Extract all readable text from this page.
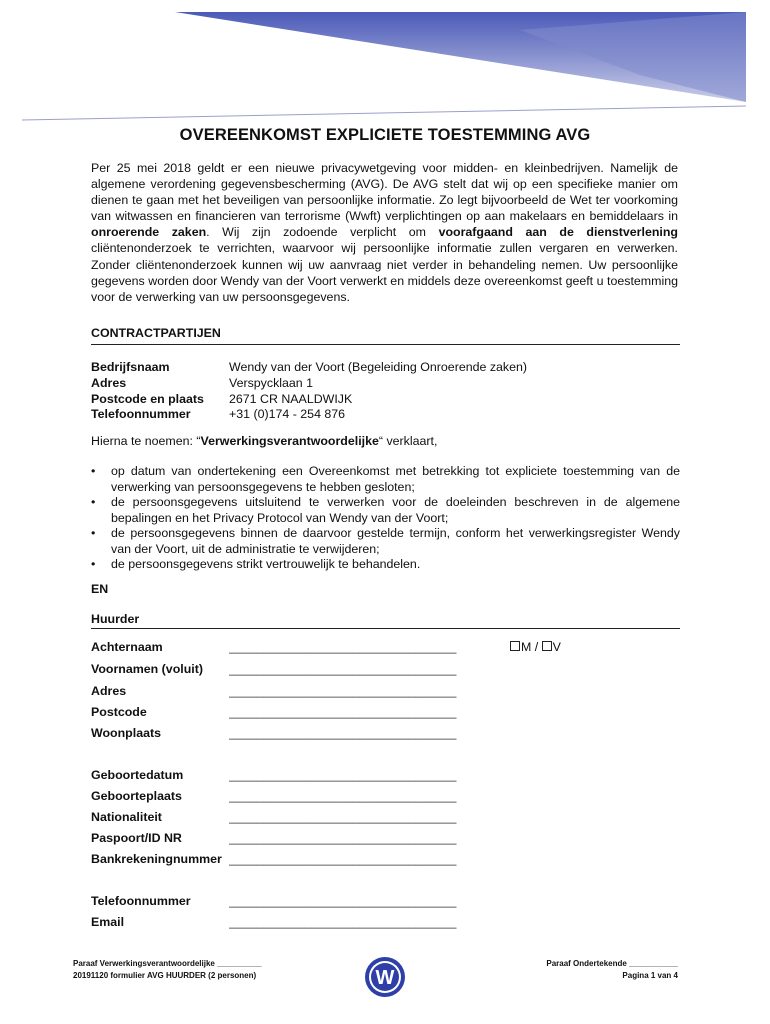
OVEREENKOMST EXPLICIETE TOESTEMMING AVG

Per 25 mei 2018 geldt er een nieuwe privacywetgeving voor midden- en kleinbedrijven. Namelijk de algemene verordening gegevensbescherming (AVG). De AVG stelt dat wij op een specifieke manier om dienen te gaan met het beveiligen van persoonlijke informatie. Zo legt bijvoorbeeld de Wet ter voorkoming van witwassen en financieren van terrorisme (Wwft) verplichtingen op aan makelaars en bemiddelaars in onroerende zaken. Wij zijn zodoende verplicht om voorafgaand aan de dienstverlening cliëntenonderzoek te verrichten, waarvoor wij persoonlijke informatie zullen vergaren en verwerken. Zonder cliëntenonderzoek kunnen wij uw aanvraag niet verder in behandeling nemen. Uw persoonlijke gegevens worden door Wendy van der Voort verwerkt en middels deze overeenkomst geeft u toestemming voor de verwerking van uw persoonsgegevens.

CONTRACTPARTIJEN
Bedrijfsnaam	Wendy van der Voort (Begeleiding Onroerende zaken)
Adres	Verspycklaan 1
Postcode en plaats 2671 CR NAALDWIJK
Telefoonnummer	+31 (0)174 - 254 876
Hierna te noemen: “Verwerkingsverantwoordelijke“ verklaart,
• op datum van ondertekening een Overeenkomst met betrekking tot expliciete toestemming van de verwerking van persoonsgegevens te hebben gesloten;
• de persoonsgegevens uitsluitend te verwerken voor de doeleinden beschreven in de algemene bepalingen en het Privacy Protocol van Wendy van der Voort;
• de persoonsgegevens binnen de daarvoor gestelde termijn, conform het verwerkingsregister Wendy van der Voort, uit de administratie te verwijderen;
• de persoonsgegevens strikt vertrouwelijk te behandelen.
EN
Huurder
Achternaam	_________________________________
Voornamen (voluit) _________________________________
Adres	_________________________________
Postcode	_________________________________
Woonplaats	_________________________________
Geboortedatum	_________________________________
Geboorteplaats	_________________________________
Nationaliteit	_________________________________
Paspoort/ID NR	_________________________________
Bankrekeningnummer _________________________________
Telefoonnummer	_________________________________
Email	_________________________________
M / V
Paraaf Verwerkingsverantwoordelijke __________
20191120 formulier AVG HUURDER (2 personen)	W
Paraaf Ondertekende ___________
Pagina 1 van 4
